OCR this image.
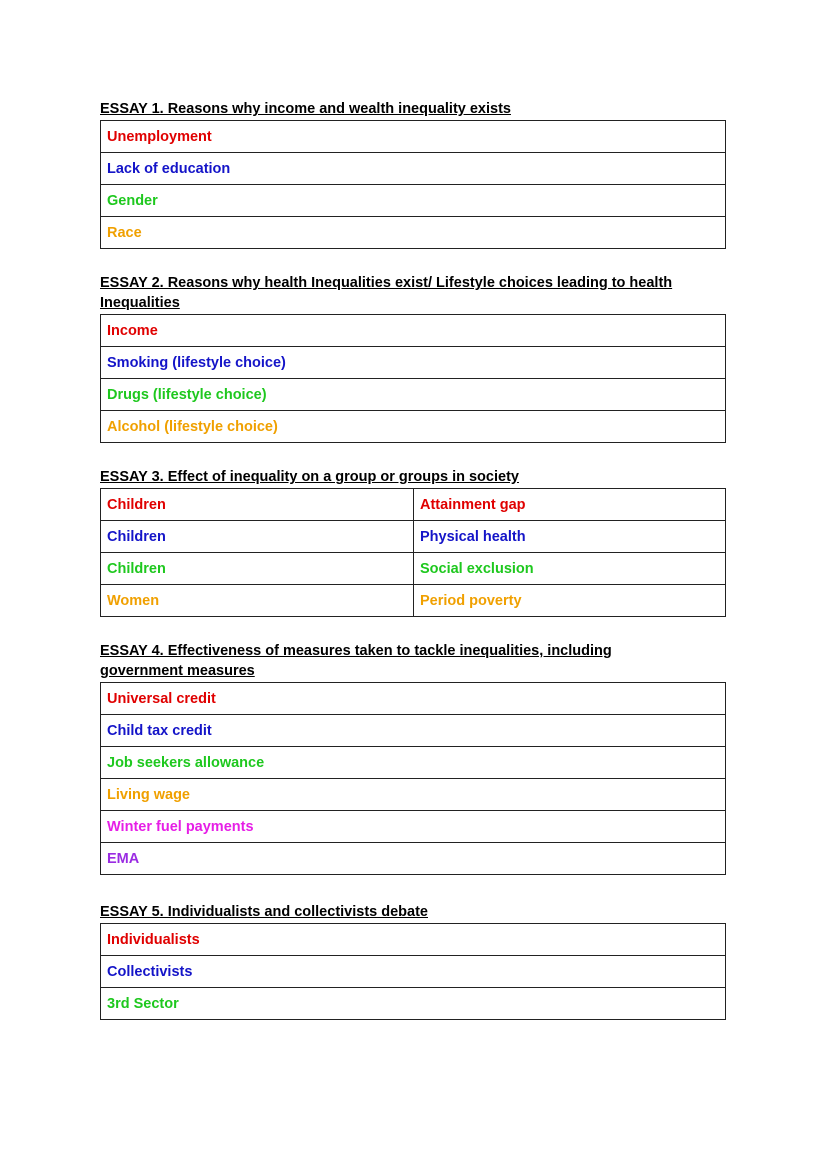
ESSAY 1. Reasons why income and wealth inequality exists
Unemployment
Lack of education
Gender
Race
ESSAY 2. Reasons why health Inequalities exist/ Lifestyle choices leading to health
Inequalities
Income
Smoking (lifestyle choice)
Drugs (lifestyle choice)
Alcohol (lifestyle choice)
ESSAY 3. Effect of inequality on a group or groups in society
Children	Attainment gap
Children	Physical health
Children	Social exclusion
Women	Period poverty
ESSAY 4. Effectiveness of measures taken to tackle inequalities, including
government measures
Universal credit
Child tax credit
Job seekers allowance
Living wage
Winter fuel payments
EMA
ESSAY 5. Individualists and collectivists debate
Individualists
Collectivists
3rd Sector
